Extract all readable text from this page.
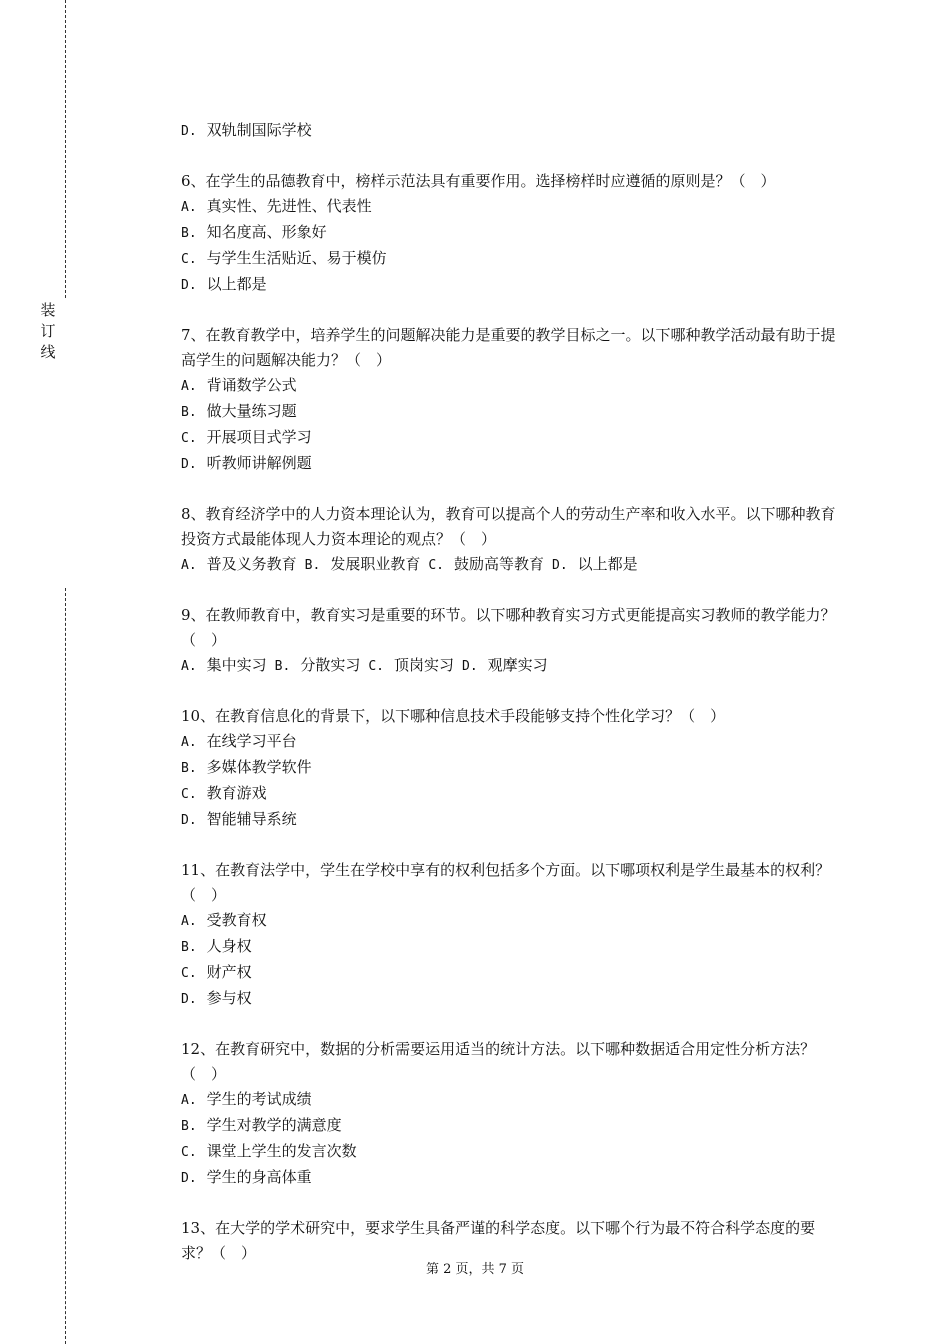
装
订
线
D. 双轨制国际学校
6、在学生的品德教育中，榜样示范法具有重要作用。选择榜样时应遵循的原则是？（　）
A. 真实性、先进性、代表性
B. 知名度高、形象好
C. 与学生生活贴近、易于模仿
D. 以上都是
7、在教育教学中，培养学生的问题解决能力是重要的教学目标之一。以下哪种教学活动最有助于提高学生的问题解决能力？（　）
A. 背诵数学公式
B. 做大量练习题
C. 开展项目式学习
D. 听教师讲解例题
8、教育经济学中的人力资本理论认为，教育可以提高个人的劳动生产率和收入水平。以下哪种教育投资方式最能体现人力资本理论的观点？（　）
A. 普及义务教育 B. 发展职业教育 C. 鼓励高等教育 D. 以上都是
9、在教师教育中，教育实习是重要的环节。以下哪种教育实习方式更能提高实习教师的教学能力？（　）
A. 集中实习 B. 分散实习 C. 顶岗实习 D. 观摩实习
10、在教育信息化的背景下，以下哪种信息技术手段能够支持个性化学习？（　）
A. 在线学习平台
B. 多媒体教学软件
C. 教育游戏
D. 智能辅导系统
11、在教育法学中，学生在学校中享有的权利包括多个方面。以下哪项权利是学生最基本的权利？（　）
A. 受教育权
B. 人身权
C. 财产权
D. 参与权
12、在教育研究中，数据的分析需要运用适当的统计方法。以下哪种数据适合用定性分析方法？（　）
A. 学生的考试成绩
B. 学生对教学的满意度
C. 课堂上学生的发言次数
D. 学生的身高体重
13、在大学的学术研究中，要求学生具备严谨的科学态度。以下哪个行为最不符合科学态度的要求？（　）
第 2 页，共 7 页
